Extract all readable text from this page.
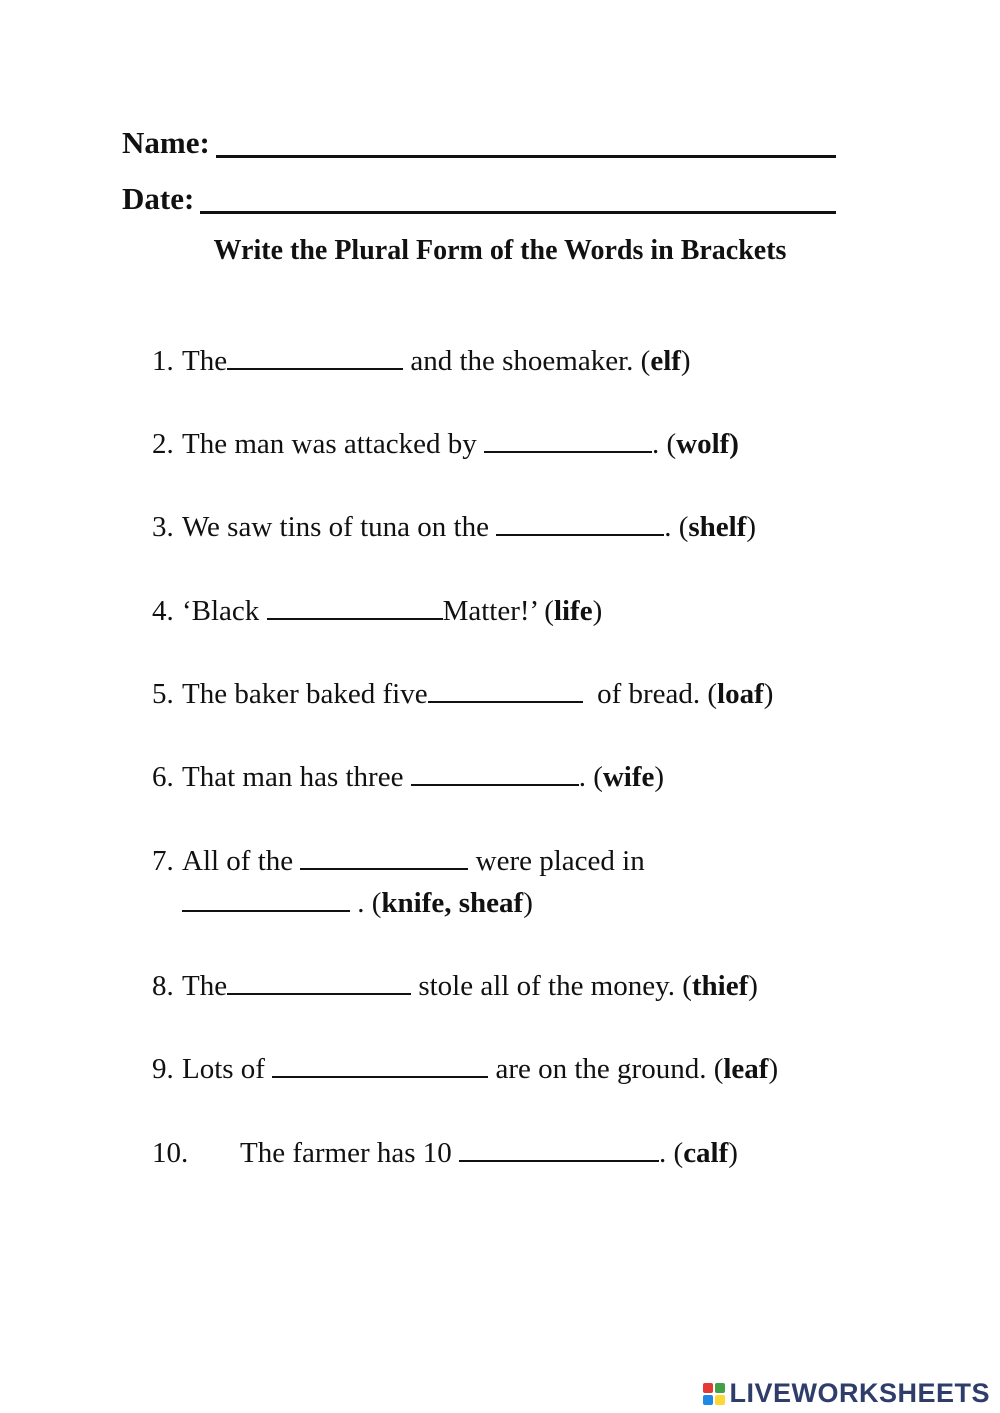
Name:
Date:
Write the Plural Form of the Words in Brackets
1. The	and the shoemaker. (elf)
2. The man was attacked by	. (wolf)
3. We saw tins of tuna on the	. (shelf)
4. ‘Black	Matter!’ (life)
5. The baker baked five	of bread. (loaf)
6. That man has three	. (wife)
7. All of the	were placed in
. (knife, sheaf)
8. The	stole all of the money. (thief)
9. Lots of	are on the ground. (leaf)
10. The farmer has 10	. (calf)
LIVEWORKSHEETS
